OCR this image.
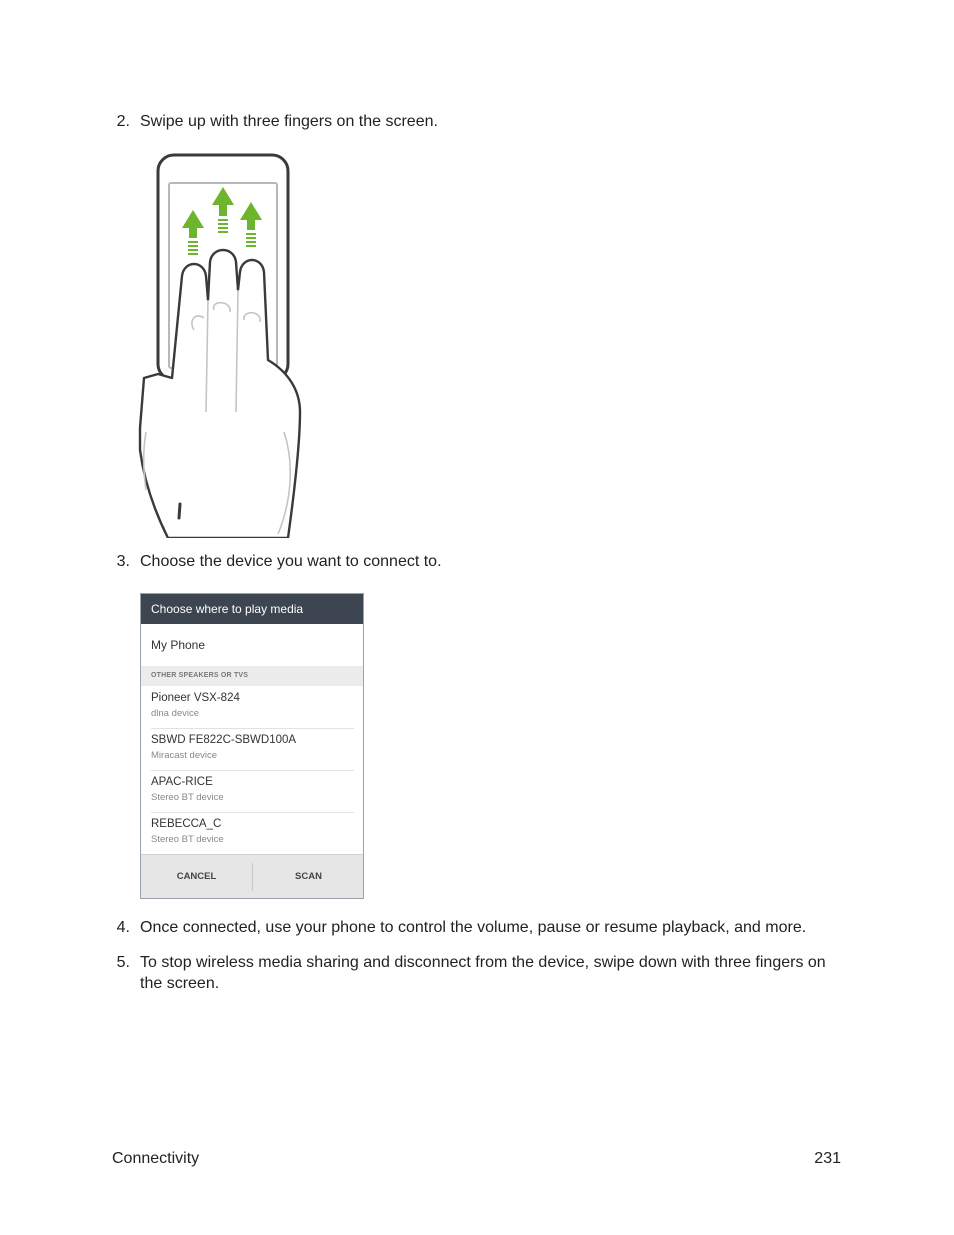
2. Swipe up with three fingers on the screen.
3. Choose the device you want to connect to.
Choose where to play media
My Phone
OTHER SPEAKERS OR TVS
Pioneer VSX-824
dlna device
SBWD FE822C-SBWD100A
Miracast device
APAC-RICE
Stereo BT device
REBECCA_C
Stereo BT device
CANCEL	SCAN
4. Once connected, use your phone to control the volume, pause or resume playback, and more.
5. To stop wireless media sharing and disconnect from the device, swipe down with three fingers on the screen.
Connectivity	231
